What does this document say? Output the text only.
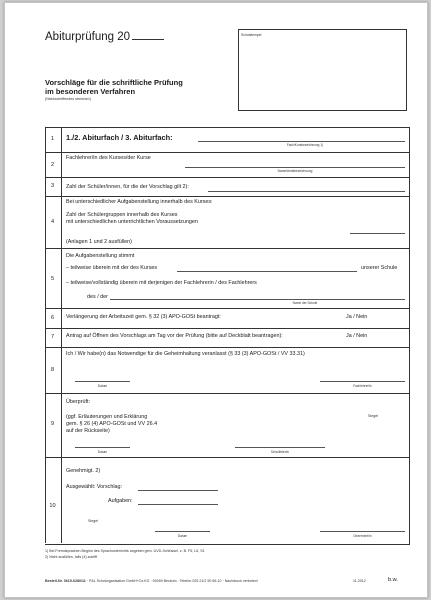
Abiturprüfung 20	Schulstempel
Vorschläge für die schriftliche Prüfung
im besonderen Verfahren
(Nichtzutreffendes streichen)
1	1./2. Abiturfach / 3. Abiturfach:
Fach/Kursbezeichnung 1)
2
Fachlehrer/in des Kurses/der Kurse
Name/Amtsbezeichnung
3	Zahl der Schüler/innen, für die der Vorschlag gilt 2):
4
Bei unterschiedlicher Aufgabenstellung innerhalb des Kurses:
Zahl der Schülergruppen innerhalb des Kurses
mit unterschiedlichen unterrichtlichen Voraussetzungen
(Anlagen 1 und 2 ausfüllen)
5
Die Aufgabenstellung stimmt
– teilweise überein mit der des Kurses	unserer Schule
– teilweise/vollständig überein mit derjenigen der Fachlehrerin / des Fachlehrers
des / der
Name der Schule
6	Verlängerung der Arbeitszeit gem. § 32 (3) APO-GOSt beantragt:	Ja / Nein
7	Antrag auf Öffnen des Vorschlags am Tag vor der Prüfung (bitte auf Deckblatt beantragen):	Ja / Nein
8
Ich / Wir habe(n) das Notwendige für die Geheimhaltung veranlasst (§ 33 (3) APO-GOSt / VV 33.31)
Datum	Fachlehrer/in
9
Überprüft:
(ggf. Erläuterungen und Erklärung
gem. § 26 (4) APO-GOSt und VV 26.4
auf der Rückseite)
Siegel
Datum	Schulleiter/in
10
Genehmigt. 2)
Ausgewählt: Vorschlag:
Aufgaben:
Siegel
Datum	Dezernent/in
1) Bei Fremdsprachen Beginn des Sprachunterrichts angeben gem. UVD-Schlüssel, z. B. F5, L6, S1
2) Nicht ausfüllen, falls (4) zutrifft
Bestell-Nr. 0619-6280/11 · P&L Schulorganisation GmbH+Co.KG · 59269 Beckum · Telefon 025 21/2 90 65-10 · Nachdruck verboten!	11.2012	b.w.
